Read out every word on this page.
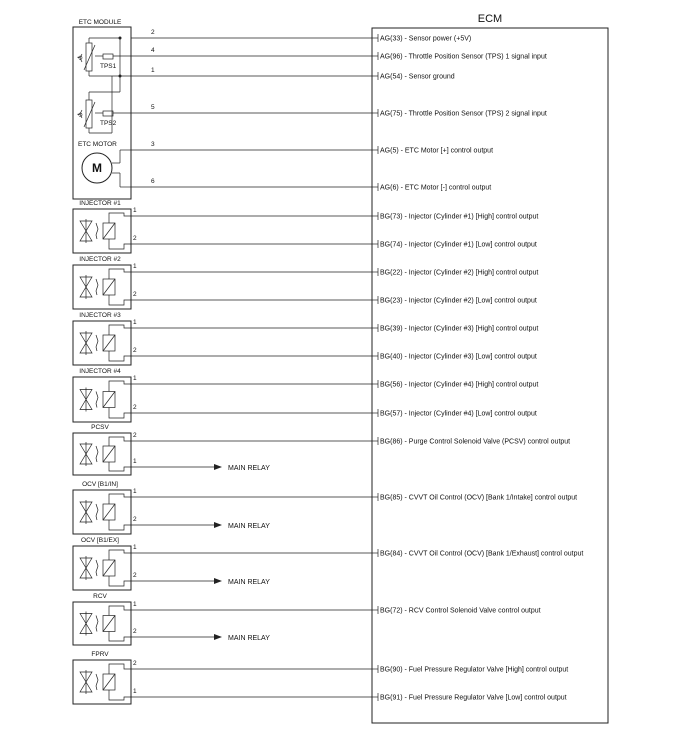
ECM
ETC MODULE
⟲
TPS1
⟲
TPS2
ETC MOTOR
M
2
AG(33) - Sensor power (+5V)
4
AG(96) - Throttle Position Sensor (TPS) 1 signal input
1
AG(54) - Sensor ground
5
AG(75) - Throttle Position Sensor (TPS) 2 signal input
3
AG(5) - ETC Motor [+] control output
6
AG(6) - ETC Motor [-] control output
INJECTOR #1
1
BG(73) - Injector (Cylinder #1) [High] control output
2
BG(74) - Injector (Cylinder #1) [Low] control output
INJECTOR #2
1
BG(22) - Injector (Cylinder #2) [High] control output
2
BG(23) - Injector (Cylinder #2) [Low] control output
INJECTOR #3
1
BG(39) - Injector (Cylinder #3) [High] control output
2
BG(40) - Injector (Cylinder #3) [Low] control output
INJECTOR #4
1
BG(56) - Injector (Cylinder #4) [High] control output
2
BG(57) - Injector (Cylinder #4) [Low] control output
PCSV
2
BG(86) - Purge Control Solenoid Valve (PCSV) control output
1
MAIN RELAY
OCV [B1/IN]
1
BG(85) - CVVT Oil Control (OCV) [Bank 1/Intake] control output
2
MAIN RELAY
OCV [B1/EX]
1
BG(84) - CVVT Oil Control (OCV) [Bank 1/Exhaust] control output
2
MAIN RELAY
RCV
1
BG(72) - RCV Control Solenoid Valve control output
2
MAIN RELAY
FPRV
2
BG(90) - Fuel Pressure Regulator Valve [High] control output
1
BG(91) - Fuel Pressure Regulator Valve [Low] control output
